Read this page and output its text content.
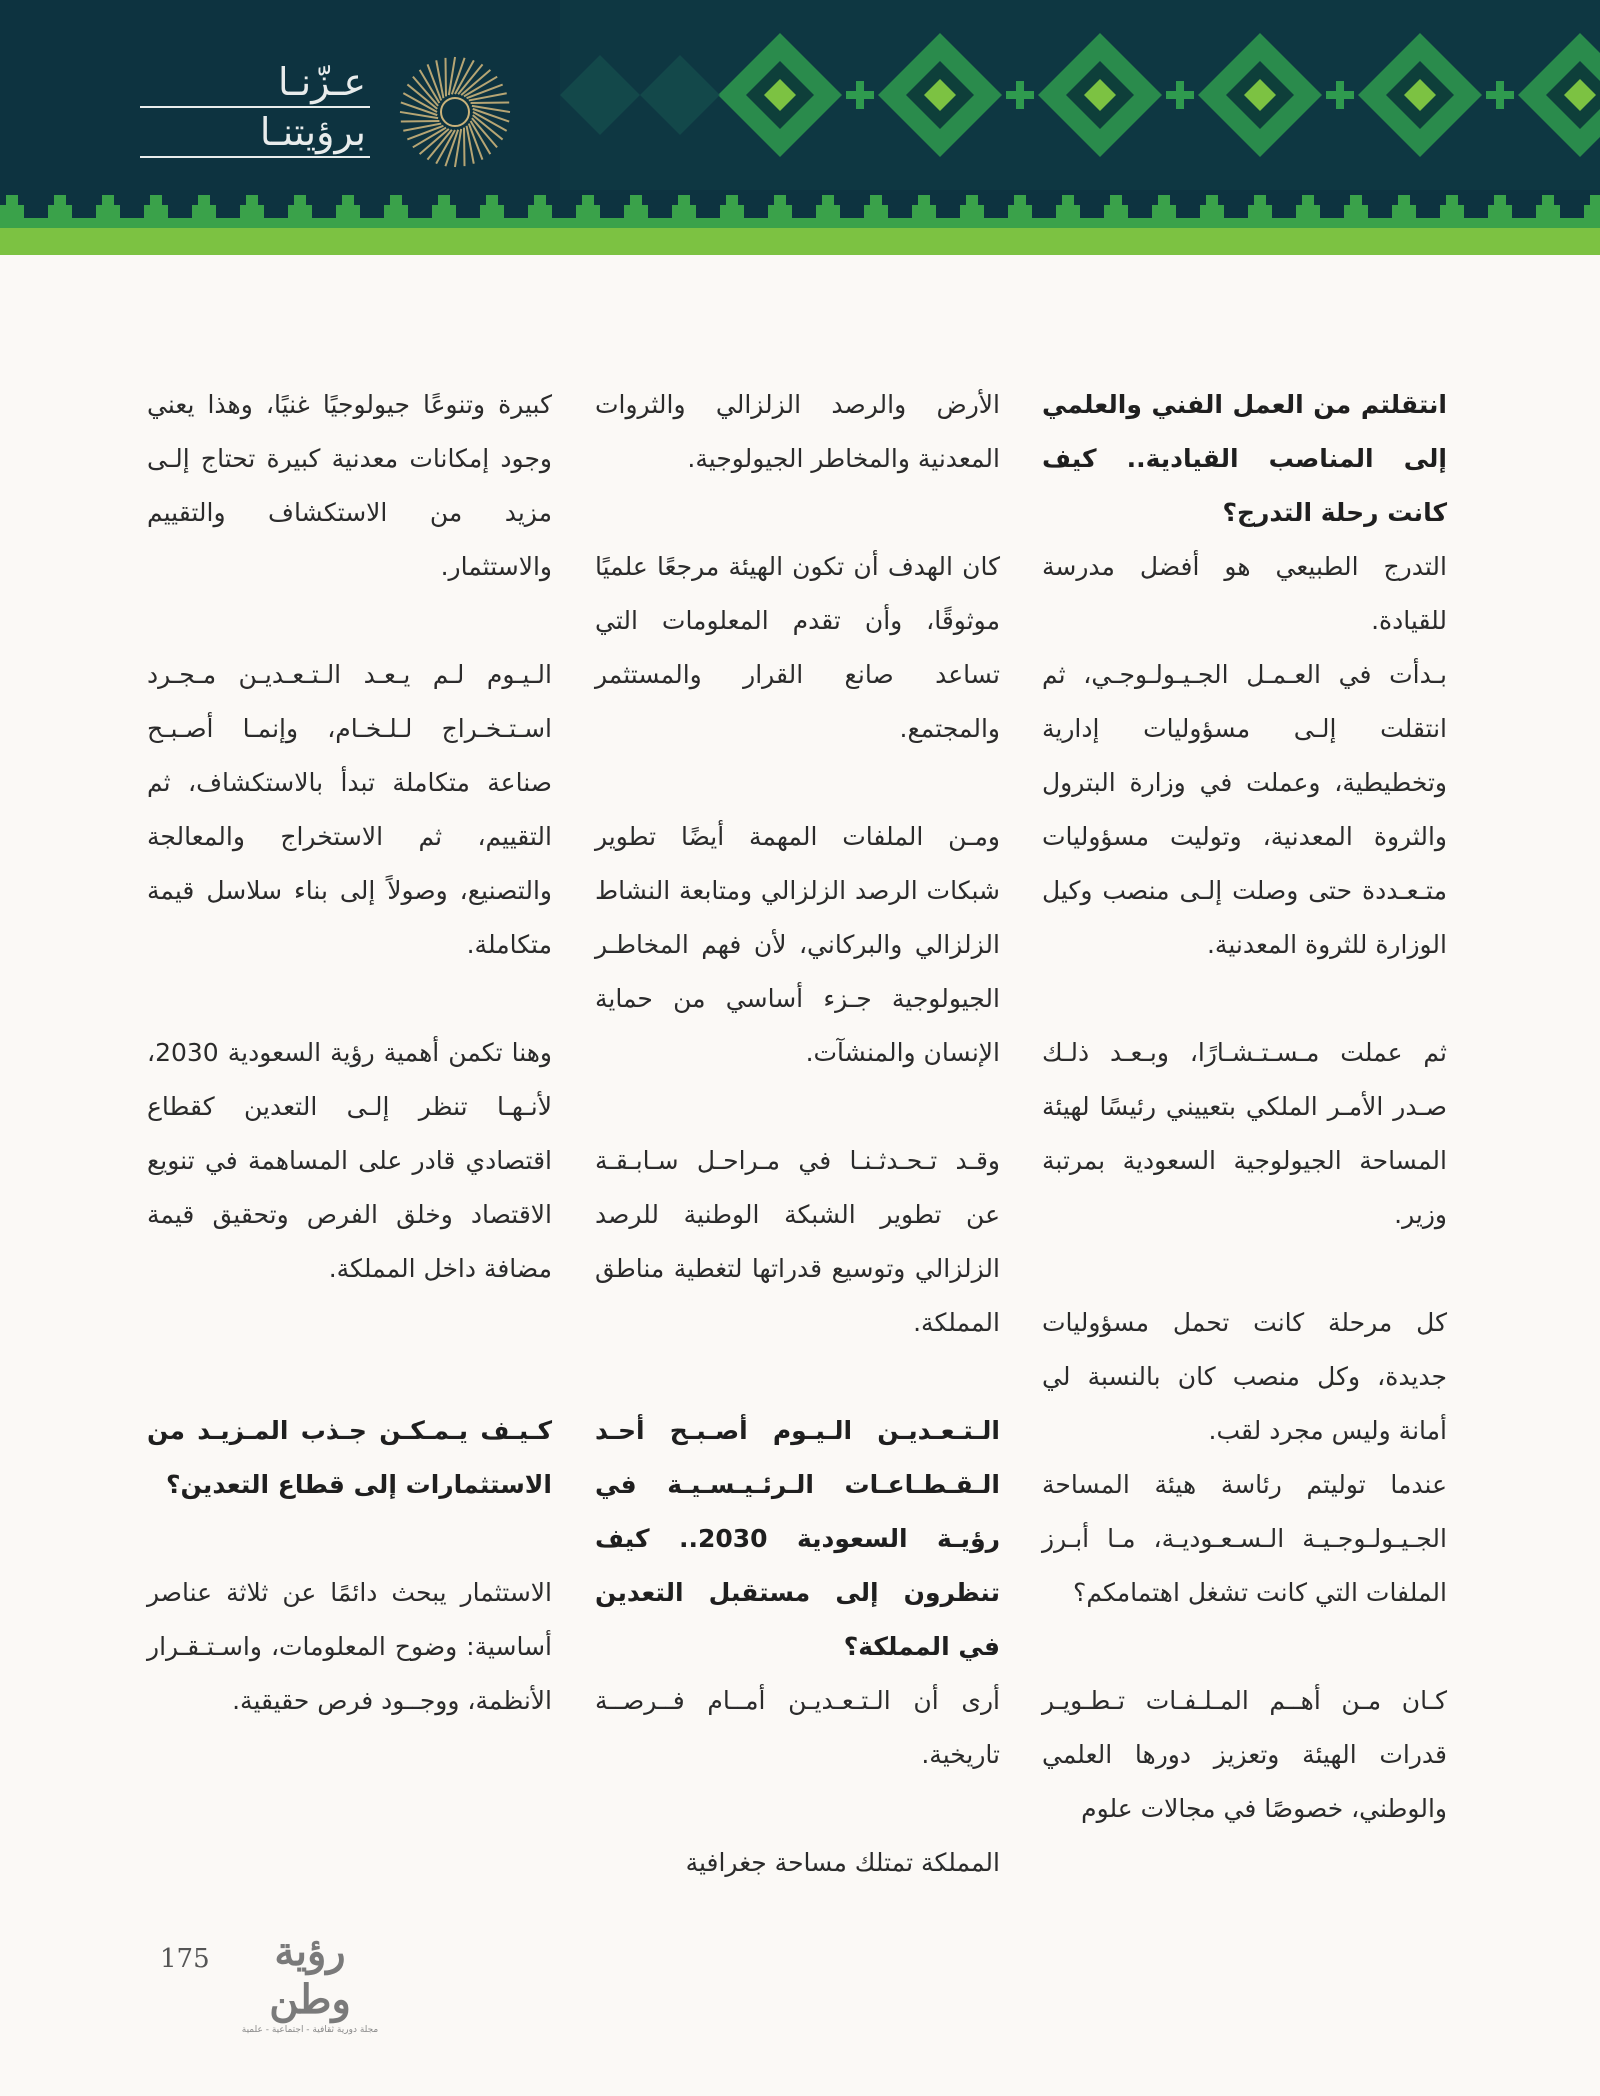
عـزّنـا
برؤيتنـا

انتقلتم من العمل الفني والعلمي إلى المناصب القيادية.. كيف كانت رحلة التدرج؟

التدرج الطبيعي هو أفضل مدرسة للقيادة.

بـدأت في العـمـل الجـيـولـوجـي، ثم انتقلت إلـى مسؤوليات إدارية وتخطيطية، وعملت في وزارة البترول والثروة المعدنية، وتوليت مسؤوليات متـعـددة حتى وصلت إلـى منصب وكيل الوزارة للثروة المعدنية.

ثم عملت مـسـتـشـارًا، وبـعـد ذلـك صـدر الأمـر الملكي بتعييني رئيسًا لهيئة المساحة الجيولوجية السعودية بمرتبة وزير.

كل مرحلة كانت تحمل مسؤوليات جديدة، وكل منصب كان بالنسبة لي أمانة وليس مجرد لقب.

عندما توليتم رئاسة هيئة المساحة الجـيـولـوجـيـة الـسـعـوديـة، مـا أبـرز الملفات التي كانت تشغل اهتمامكم؟

كـان مـن أهــم المـلـفـات تـطـويـر قدرات الهيئة وتعزيز دورها العلمي والوطني، خصوصًا في مجالات علوم

الأرض والرصد الزلزالي والثروات المعدنية والمخاطر الجيولوجية.

كان الهدف أن تكون الهيئة مرجعًا علميًا موثوقًا، وأن تقدم المعلومات التي تساعد صانع القرار والمستثمر والمجتمع.

ومـن الملفات المهمة أيضًا تطوير شبكات الرصد الزلزالي ومتابعة النشاط الزلزالي والبركاني، لأن فهم المخاطـر الجيولوجية جـزء أساسي من حماية الإنسان والمنشآت.

وقـد تـحـدثـنـا في مـراحـل سـابـقـة عن تطوير الشبكة الوطنية للرصد الزلزالي وتوسيع قدراتها لتغطية مناطق المملكة.

الـتـعـديـن الـيـوم أصـبـح أحـد الـقـطـاعـات الـرئـيـسـيـة في رؤيـة السعودية 2030.. كيف تنظرون إلى مستقبل التعدين في المملكة؟

أرى أن الـتـعـديـن أمــام فــرصــة تاريخية.

المملكة تمتلك مساحة جغرافية

كبيرة وتنوعًا جيولوجيًا غنيًا، وهذا يعني وجود إمكانات معدنية كبيرة تحتاج إلـى مزيد من الاستكشاف والتقييم والاستثمار.

الـيـوم لـم يـعـد الـتـعـديـن مـجـرد اسـتـخـراج لـلـخـام، وإنمـا أصـبـح صناعة متكاملة تبدأ بالاستكشاف، ثم التقييم، ثم الاستخراج والمعالجة والتصنيع، وصولاً إلى بناء سلاسل قيمة متكاملة.

وهنا تكمن أهمية رؤية السعودية 2030، لأنـهـا تنظر إلـى التعدين كقطاع اقتصادي قادر على المساهمة في تنويع الاقتصاد وخلق الفرص وتحقيق قيمة مضافة داخل المملكة.

كـيـف يـمـكـن جـذب المـزيـد من الاستثمارات إلى قطاع التعدين؟

الاستثمار يبحث دائمًا عن ثلاثة عناصر أساسية: وضوح المعلومات، واسـتـقـرار الأنظمة، ووجــود فرص حقيقية.

175	رؤية وطن
مجلة دورية ثقافية - اجتماعية - علمية
